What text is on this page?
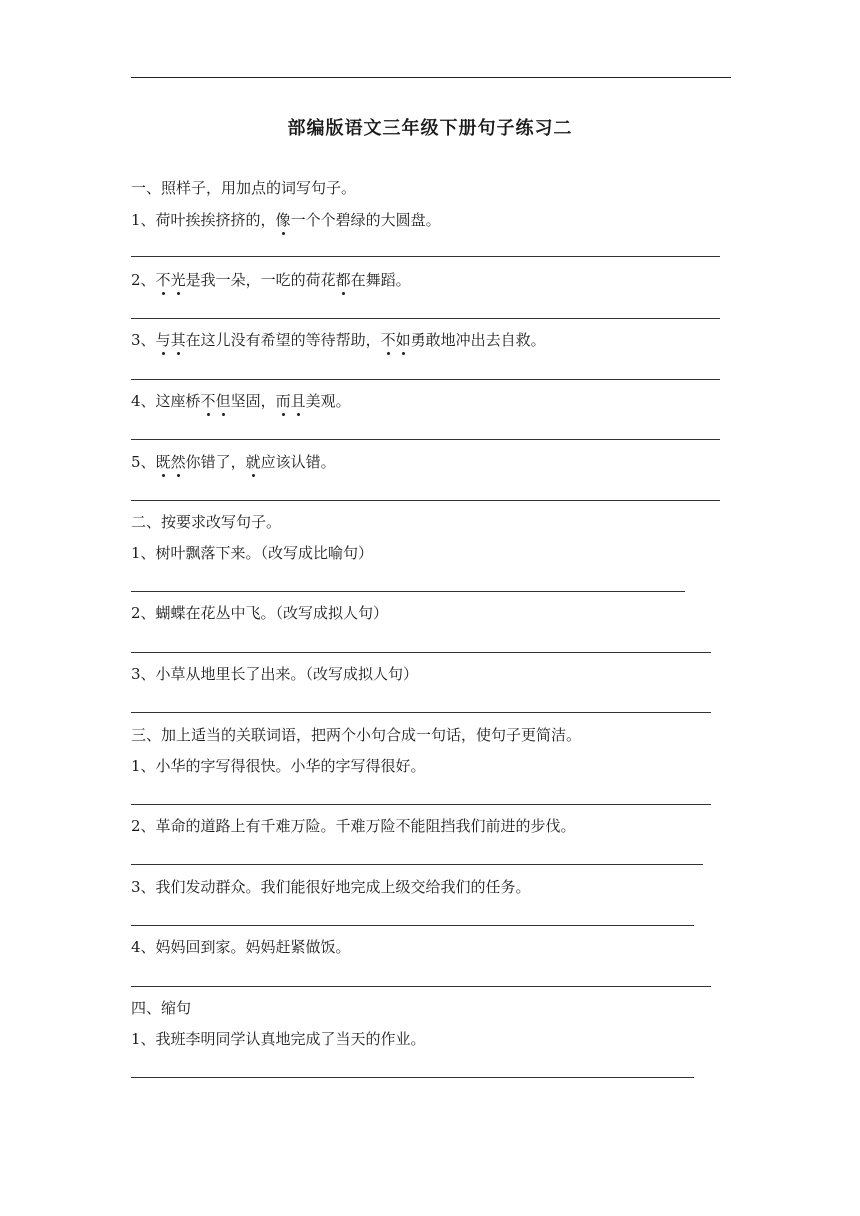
部编版语文三年级下册句子练习二
一、照样子，用加点的词写句子。
1、荷叶挨挨挤挤的，像一个个碧绿的大圆盘。
2、不光是我一朵，一吃的荷花都在舞蹈。
3、与其在这儿没有希望的等待帮助，不如勇敢地冲出去自救。
4、这座桥不但坚固，而且美观。
5、既然你错了，就应该认错。
二、按要求改写句子。
1、树叶飘落下来。（改写成比喻句）
2、蝴蝶在花丛中飞。（改写成拟人句）
3、小草从地里长了出来。（改写成拟人句）
三、加上适当的关联词语，把两个小句合成一句话，使句子更简洁。
1、小华的字写得很快。小华的字写得很好。
2、革命的道路上有千难万险。千难万险不能阻挡我们前进的步伐。
3、我们发动群众。我们能很好地完成上级交给我们的任务。
4、妈妈回到家。妈妈赶紧做饭。
四、缩句
1、我班李明同学认真地完成了当天的作业。
